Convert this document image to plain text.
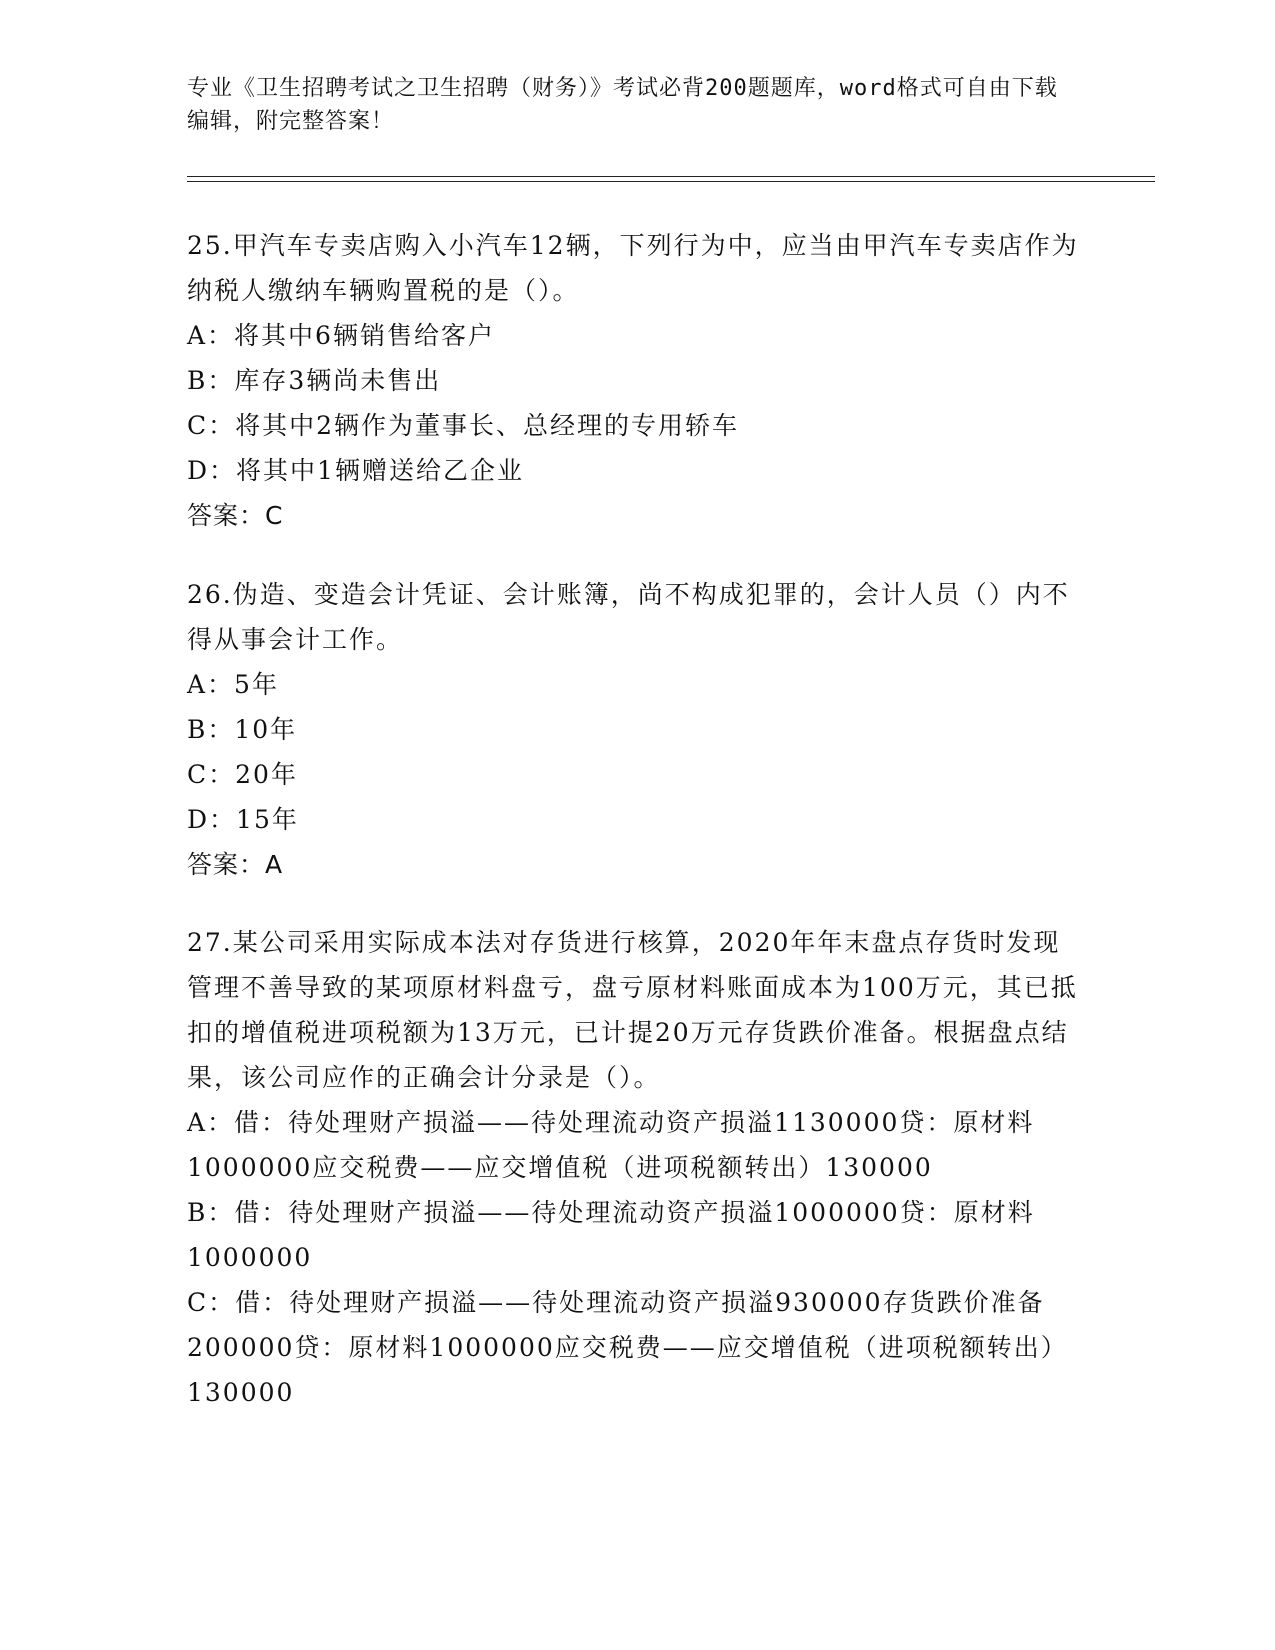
专业《卫生招聘考试之卫生招聘（财务）》考试必背200题题库，word格式可自由下载编辑，附完整答案！

25.甲汽车专卖店购入小汽车12辆，下列行为中，应当由甲汽车专卖店作为纳税人缴纳车辆购置税的是（）。

A：将其中6辆销售给客户

B：库存3辆尚未售出

C：将其中2辆作为董事长、总经理的专用轿车

D：将其中1辆赠送给乙企业

答案：C

26.伪造、变造会计凭证、会计账簿，尚不构成犯罪的，会计人员（）内不得从事会计工作。

A：5年

B：10年

C：20年

D：15年

答案：A

27.某公司采用实际成本法对存货进行核算，2020年年末盘点存货时发现管理不善导致的某项原材料盘亏，盘亏原材料账面成本为100万元，其已抵扣的增值税进项税额为13万元，已计提20万元存货跌价准备。根据盘点结果，该公司应作的正确会计分录是（）。

A：借：待处理财产损溢——待处理流动资产损溢1130000贷：原材料1000000应交税费——应交增值税（进项税额转出）130000

B：借：待处理财产损溢——待处理流动资产损溢1000000贷：原材料1000000

C：借：待处理财产损溢——待处理流动资产损溢930000存货跌价准备200000贷：原材料1000000应交税费——应交增值税（进项税额转出）130000
